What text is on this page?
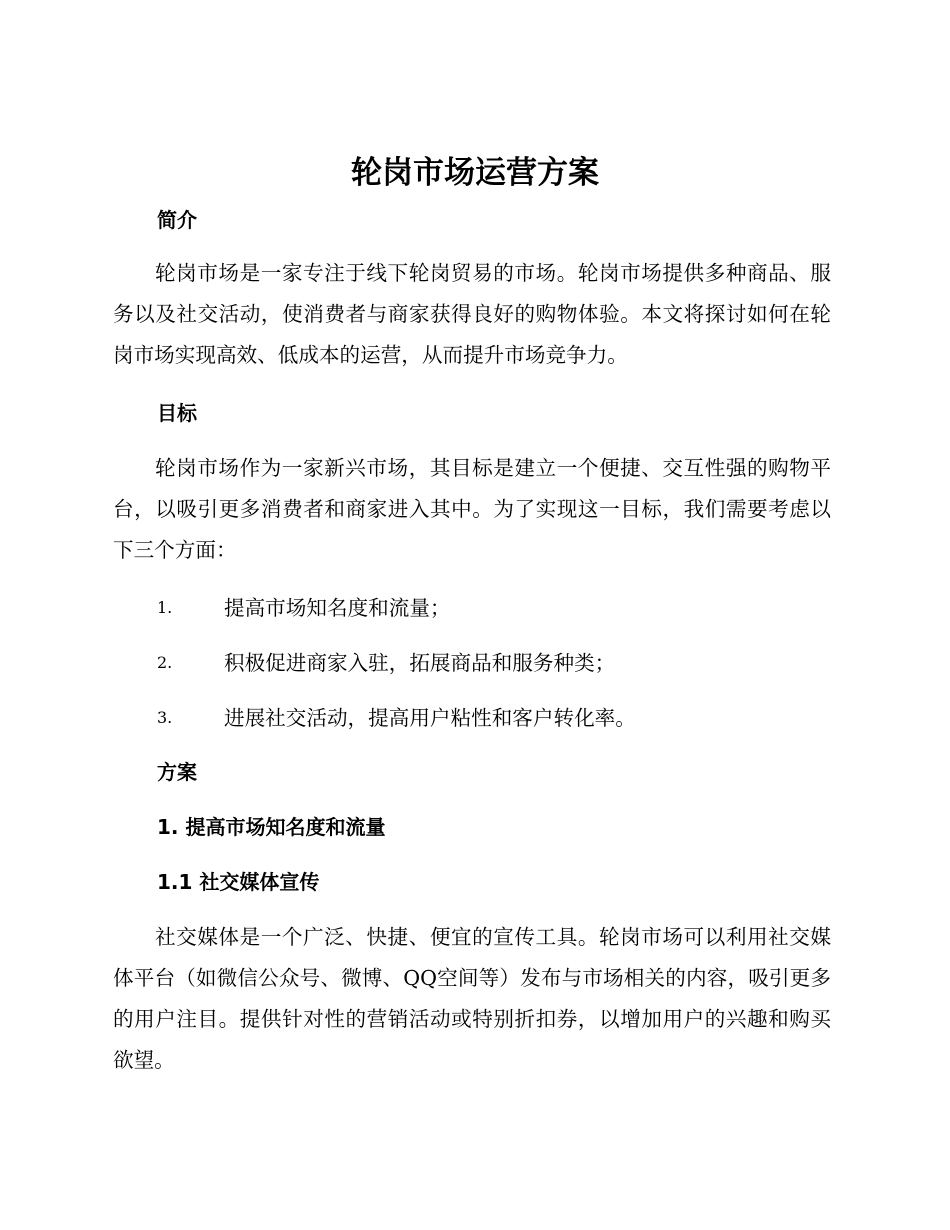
轮岗市场运营方案
简介

轮岗市场是一家专注于线下轮岗贸易的市场。轮岗市场提供多种商品、服务以及社交活动，使消费者与商家获得良好的购物体验。本文将探讨如何在轮岗市场实现高效、低成本的运营，从而提升市场竞争力。

目标

轮岗市场作为一家新兴市场，其目标是建立一个便捷、交互性强的购物平台，以吸引更多消费者和商家进入其中。为了实现这一目标，我们需要考虑以下三个方面：

1.	提高市场知名度和流量；
2.	积极促进商家入驻，拓展商品和服务种类；
3.	进展社交活动，提高用户粘性和客户转化率。
方案
1. 提高市场知名度和流量
1.1 社交媒体宣传

社交媒体是一个广泛、快捷、便宜的宣传工具。轮岗市场可以利用社交媒体平台（如微信公众号、微博、QQ空间等）发布与市场相关的内容，吸引更多的用户注目。提供针对性的营销活动或特别折扣券，以增加用户的兴趣和购买欲望。
